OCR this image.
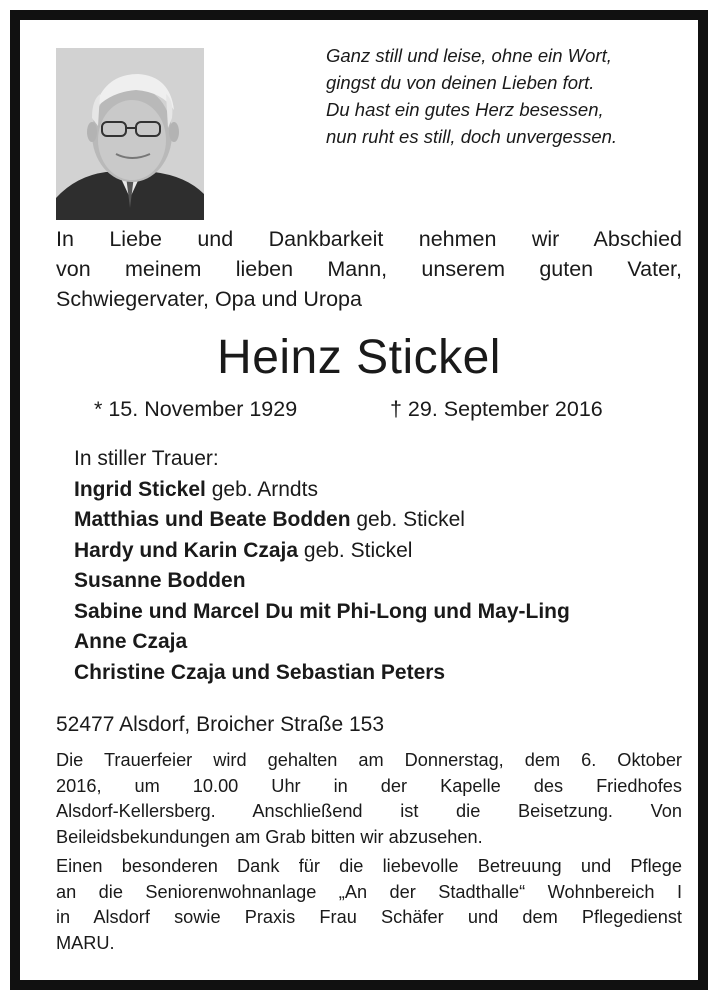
Ganz still und leise, ohne ein Wort,
gingst du von deinen Lieben fort.
Du hast ein gutes Herz besessen,
nun ruht es still, doch unvergessen.
In Liebe und Dankbarkeit nehmen wir Abschied
von meinem lieben Mann, unserem guten Vater,
Schwiegervater, Opa und Uropa
Heinz Stickel
* 15. November 1929	† 29. September 2016
In stiller Trauer:
Ingrid Stickel geb. Arndts
Matthias und Beate Bodden geb. Stickel
Hardy und Karin Czaja geb. Stickel
Susanne Bodden
Sabine und Marcel Du mit Phi-Long und May-Ling
Anne Czaja
Christine Czaja und Sebastian Peters
52477 Alsdorf, Broicher Straße 153
Die Trauerfeier wird gehalten am Donnerstag, dem 6. Oktober
2016, um 10.00 Uhr in der Kapelle des Friedhofes
Alsdorf-Kellersberg. Anschließend ist die Beisetzung. Von
Beileidsbekundungen am Grab bitten wir abzusehen.
Einen besonderen Dank für die liebevolle Betreuung und Pflege
an die Seniorenwohnanlage „An der Stadthalle“ Wohnbereich I
in Alsdorf sowie Praxis Frau Schäfer und dem Pflegedienst
MARU.
